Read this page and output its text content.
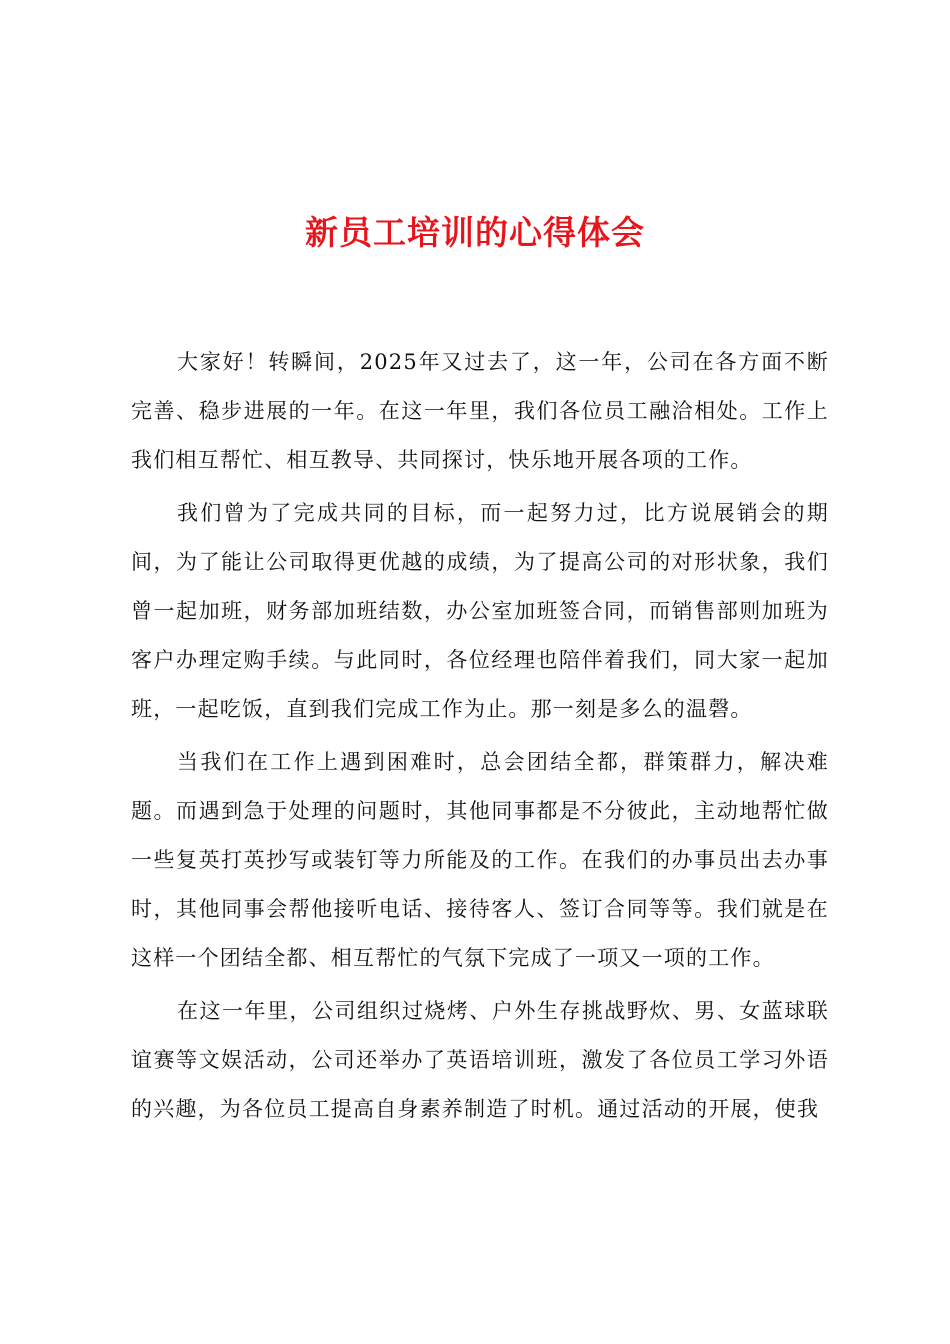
新员工培训的心得体会

大家好！转瞬间，2025年又过去了，这一年，公司在各方面不断完善、稳步进展的一年。在这一年里，我们各位员工融洽相处。工作上我们相互帮忙、相互教导、共同探讨，快乐地开展各项的工作。

我们曾为了完成共同的目标，而一起努力过，比方说展销会的期间，为了能让公司取得更优越的成绩，为了提高公司的对形状象，我们曾一起加班，财务部加班结数，办公室加班签合同，而销售部则加班为客户办理定购手续。与此同时，各位经理也陪伴着我们，同大家一起加班，一起吃饭，直到我们完成工作为止。那一刻是多么的温磬。

当我们在工作上遇到困难时，总会团结全都，群策群力，解决难题。而遇到急于处理的问题时，其他同事都是不分彼此，主动地帮忙做一些复英打英抄写或装钉等力所能及的工作。在我们的办事员出去办事时，其他同事会帮他接听电话、接待客人、签订合同等等。我们就是在这样一个团结全都、相互帮忙的气氛下完成了一项又一项的工作。

在这一年里，公司组织过烧烤、户外生存挑战野炊、男、女蓝球联谊赛等文娱活动，公司还举办了英语培训班，激发了各位员工学习外语的兴趣，为各位员工提高自身素养制造了时机。通过活动的开展，使我
